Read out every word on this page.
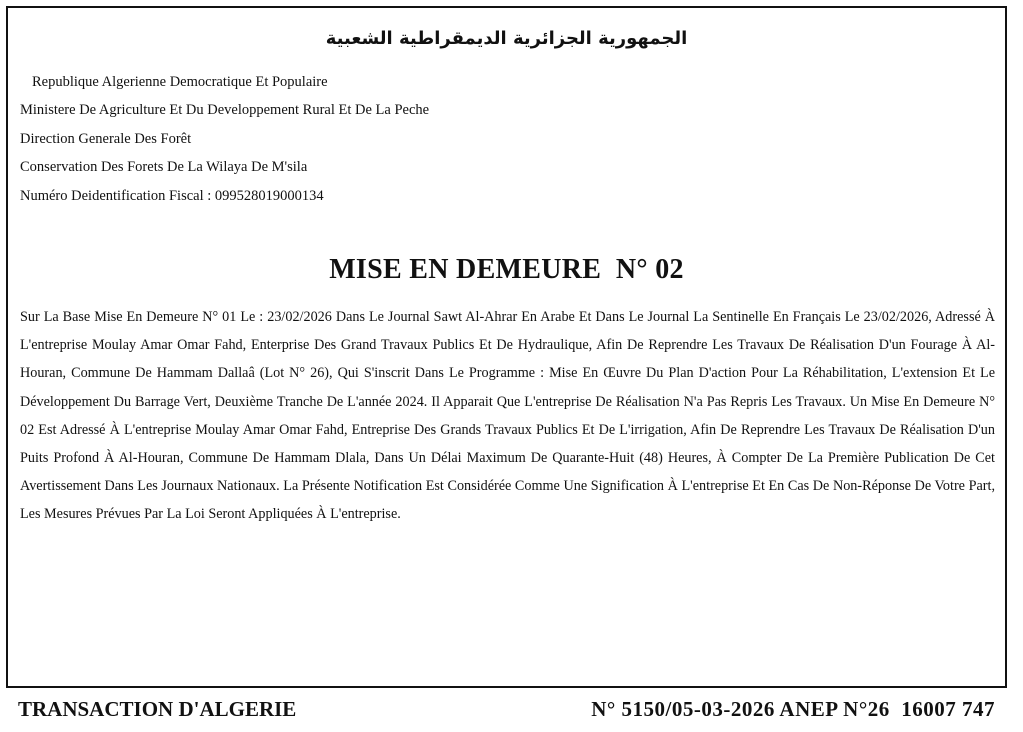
الجمهورية الجزائرية الديمقراطية الشعبية
Republique Algerienne Democratique Et Populaire
Ministere De Agriculture Et Du Developpement Rural Et De La Peche
Direction Generale Des Forêt
Conservation Des Forets De La Wilaya De M'sila
Numéro Deidentification Fiscal : 099528019000134
MISE EN DEMEURE  N° 02
Sur La Base Mise En Demeure N° 01 Le : 23/02/2026 Dans Le Journal Sawt Al-Ahrar En Arabe Et Dans Le Journal La Sentinelle En Français Le 23/02/2026, Adressé À L'entreprise Moulay Amar Omar Fahd, Enterprise Des Grand Travaux Publics Et De Hydraulique, Afin De Reprendre Les Travaux De Réalisation D'un Fourage À Al-Houran, Commune De Hammam Dallaâ (Lot N° 26), Qui S'inscrit Dans Le Programme : Mise En Œuvre Du Plan D'action Pour La Réhabilitation, L'extension Et Le Développement Du Barrage Vert, Deuxième Tranche De L'année 2024. Il Apparait Que L'entreprise De Réalisation N'a Pas Repris Les Travaux. Un Mise En Demeure N° 02 Est Adressé À L'entreprise Moulay Amar Omar Fahd, Entreprise Des Grands Travaux Publics Et De L'irrigation, Afin De Reprendre Les Travaux De Réalisation D'un Puits Profond À Al-Houran, Commune De Hammam Dlala, Dans Un Délai Maximum De Quarante-Huit (48) Heures, À Compter De La Première Publication De Cet Avertissement Dans Les Journaux Nationaux. La Présente Notification Est Considérée Comme Une Signification À L'entreprise Et En Cas De Non-Réponse De Votre Part, Les Mesures Prévues Par La Loi Seront Appliquées À L'entreprise.
TRANSACTION D'ALGERIE	N° 5150/05-03-2026 ANEP N°26  16007 747
